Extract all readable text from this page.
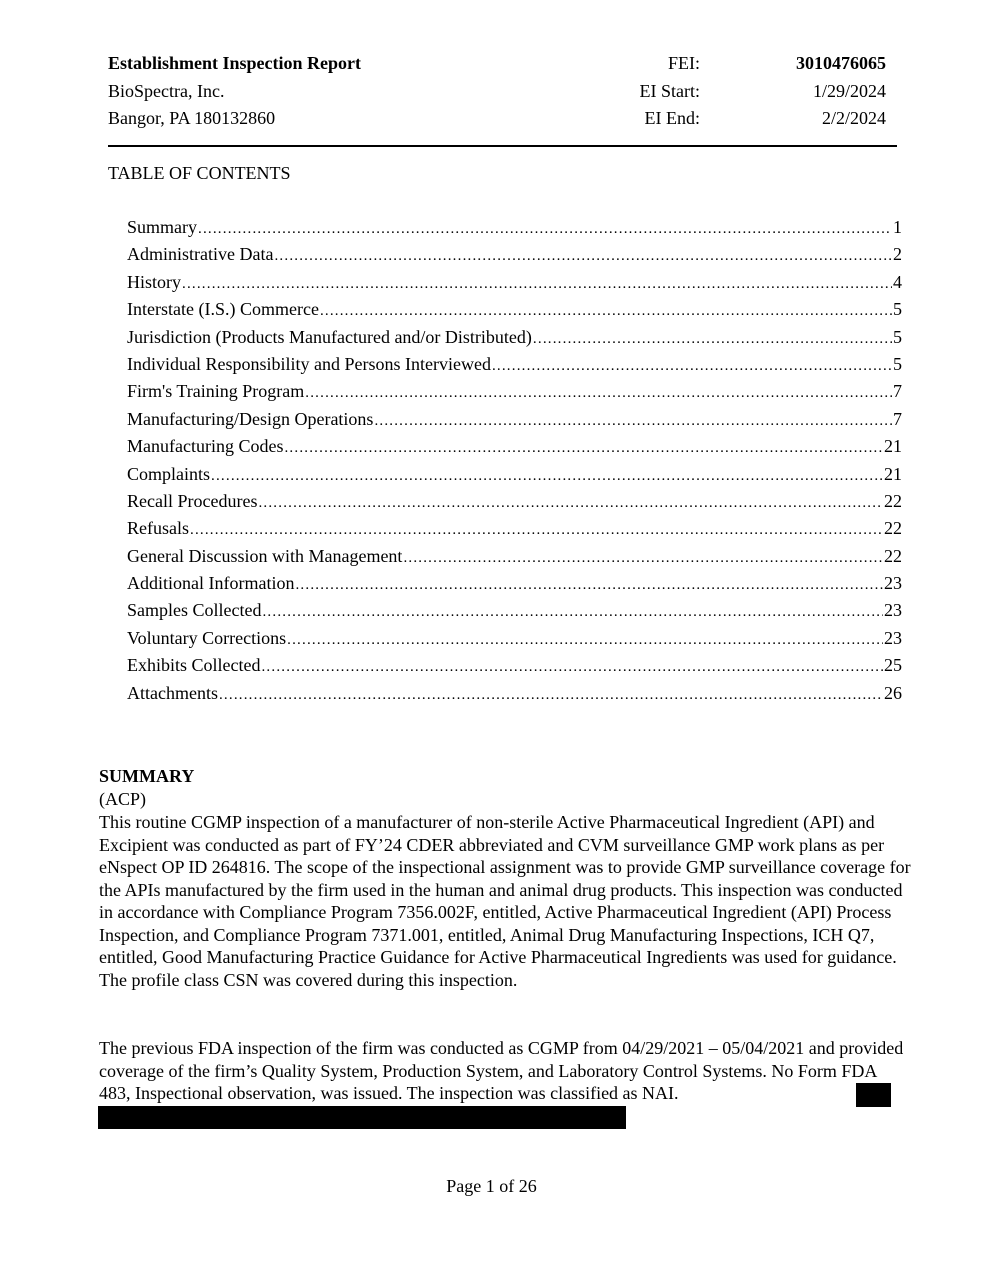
Establishment Inspection Report
BioSpectra, Inc.
Bangor, PA 180132860
FEI:
EI Start:
EI End:
3010476065
1/29/2024
2/2/2024
TABLE OF CONTENTS
Summary .....	1
Administrative Data .....	2
History .....	4
Interstate (I.S.) Commerce .....	5
Jurisdiction (Products Manufactured and/or Distributed) .....	5
Individual Responsibility and Persons Interviewed .....	5
Firm's Training Program .....	7
Manufacturing/Design Operations .....	7
Manufacturing Codes .....	21
Complaints .....	21
Recall Procedures .....	22
Refusals .....	22
General Discussion with Management .....	22
Additional Information .....	23
Samples Collected .....	23
Voluntary Corrections .....	23
Exhibits Collected .....	25
Attachments .....	26
SUMMARY
(ACP)

This routine CGMP inspection of a manufacturer of non-sterile Active Pharmaceutical Ingredient (API) and Excipient was conducted as part of FY’24 CDER abbreviated and CVM surveillance GMP work plans as per eNspect OP ID 264816. The scope of the inspectional assignment was to provide GMP surveillance coverage for the APIs manufactured by the firm used in the human and animal drug products. This inspection was conducted in accordance with Compliance Program 7356.002F, entitled, Active Pharmaceutical Ingredient (API) Process Inspection, and Compliance Program 7371.001, entitled, Animal Drug Manufacturing Inspections, ICH Q7, entitled, Good Manufacturing Practice Guidance for Active Pharmaceutical Ingredients was used for guidance. The profile class CSN was covered during this inspection.

The previous FDA inspection of the firm was conducted as CGMP from 04/29/2021 – 05/04/2021 and provided coverage of the firm’s Quality System, Production System, and Laboratory Control Systems. No Form FDA 483, Inspectional observation, was issued. The inspection was classified as NAI.

Page 1 of 26
